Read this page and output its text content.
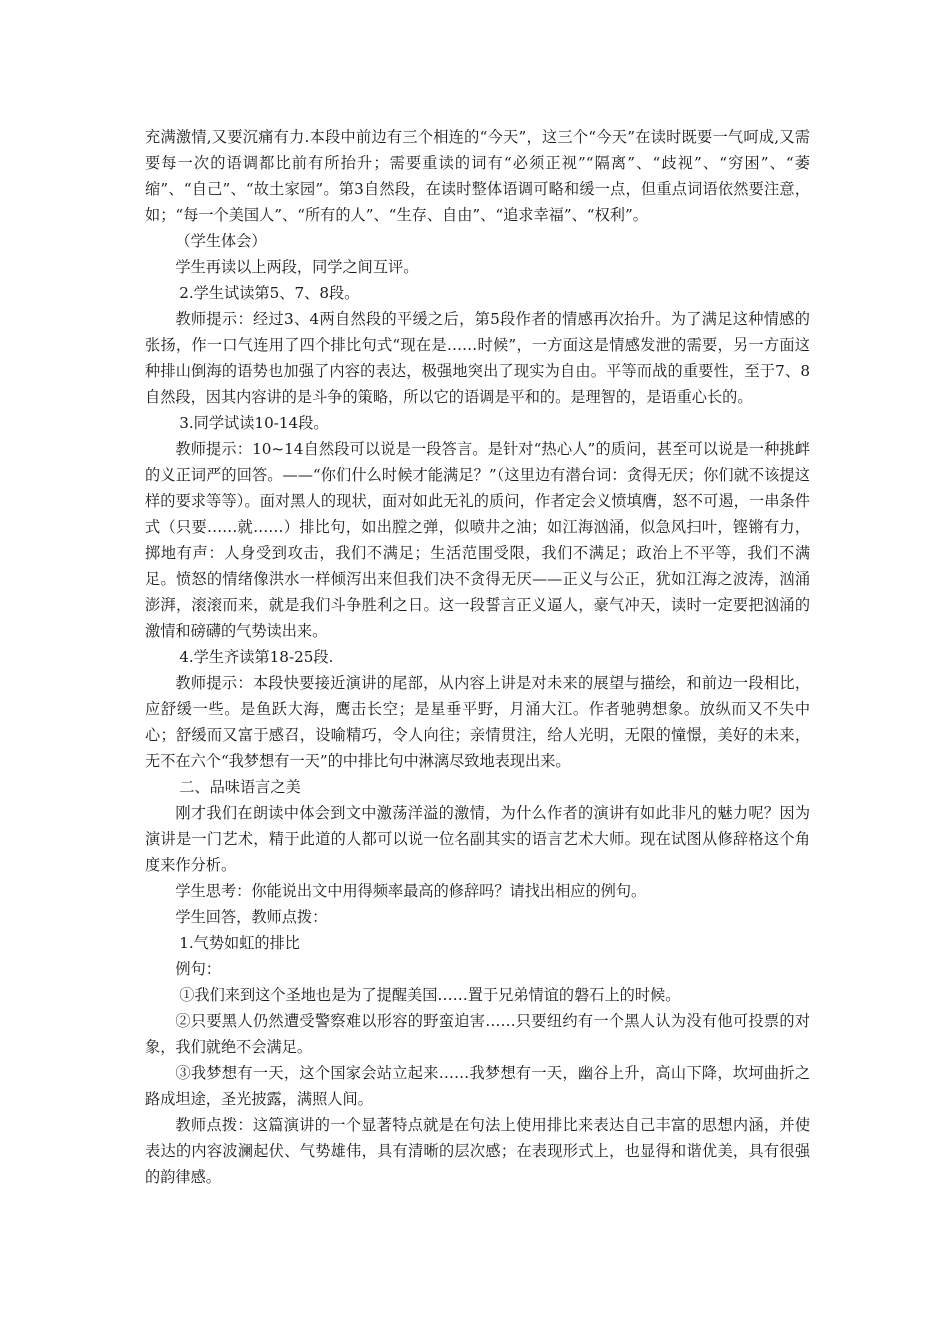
充满激情,又要沉痛有力.本段中前边有三个相连的“今天”，这三个“今天”在读时既要一气呵成,又需要每一次的语调都比前有所抬升；需要重读的词有“必须正视”“隔离”、“歧视”、“穷困”、“萎缩”、“自己”、“故土家园”。第3自然段，在读时整体语调可略和缓一点，但重点词语依然要注意，如；“每一个美国人”、“所有的人”、“生存、自由”、“追求幸福”、“权利”。

（学生体会）

学生再读以上两段，同学之间互评。

2.学生试读第5、7、8段。

教师提示：经过3、4两自然段的平缓之后，第5段作者的情感再次抬升。为了满足这种情感的张扬，作一口气连用了四个排比句式“现在是……时候”，一方面这是情感发泄的需要，另一方面这种排山倒海的语势也加强了内容的表达，极强地突出了现实为自由。平等而战的重要性，至于7、8自然段，因其内容讲的是斗争的策略，所以它的语调是平和的。是理智的，是语重心长的。

3.同学试读10-14段。

教师提示：10~14自然段可以说是一段答言。是针对“热心人”的质问，甚至可以说是一种挑衅的义正词严的回答。——“你们什么时候才能满足？”（这里边有潜台词：贪得无厌；你们就不该提这样的要求等等）。面对黑人的现状，面对如此无礼的质问，作者定会义愤填膺，怒不可遏，一串条件式（只要……就……）排比句，如出膛之弹，似喷井之油；如江海汹涌，似急风扫叶，铿锵有力，掷地有声：人身受到攻击，我们不满足；生活范围受限，我们不满足；政治上不平等，我们不满足。愤怒的情绪像洪水一样倾泻出来但我们决不贪得无厌——正义与公正，犹如江海之波涛，汹涌澎湃，滚滚而来，就是我们斗争胜利之日。这一段誓言正义逼人，豪气冲天，读时一定要把汹涌的激情和磅礴的气势读出来。

4.学生齐读第18-25段.

教师提示：本段快要接近演讲的尾部，从内容上讲是对未来的展望与描绘，和前边一段相比，应舒缓一些。是鱼跃大海，鹰击长空；是星垂平野，月涌大江。作者驰骋想象。放纵而又不失中心；舒缓而又富于感召，设喻精巧，令人向往；亲情贯注，给人光明，无限的憧憬，美好的未来，无不在六个“我梦想有一天”的中排比句中淋漓尽致地表现出来。

二、品味语言之美

刚才我们在朗读中体会到文中激荡洋溢的激情，为什么作者的演讲有如此非凡的魅力呢？因为演讲是一门艺术，精于此道的人都可以说一位名副其实的语言艺术大师。现在试图从修辞格这个角度来作分析。

学生思考：你能说出文中用得频率最高的修辞吗？请找出相应的例句。

学生回答，教师点拨：

1.气势如虹的排比

例句：

①我们来到这个圣地也是为了提醒美国……置于兄弟情谊的磐石上的时候。

②只要黑人仍然遭受警察难以形容的野蛮迫害……只要纽约有一个黑人认为没有他可投票的对象，我们就绝不会满足。

③我梦想有一天，这个国家会站立起来……我梦想有一天，幽谷上升，高山下降，坎坷曲折之路成坦途，圣光披露，满照人间。

教师点拨：这篇演讲的一个显著特点就是在句法上使用排比来表达自己丰富的思想内涵，并使表达的内容波澜起伏、气势雄伟，具有清晰的层次感；在表现形式上，也显得和谐优美，具有很强的韵律感。
